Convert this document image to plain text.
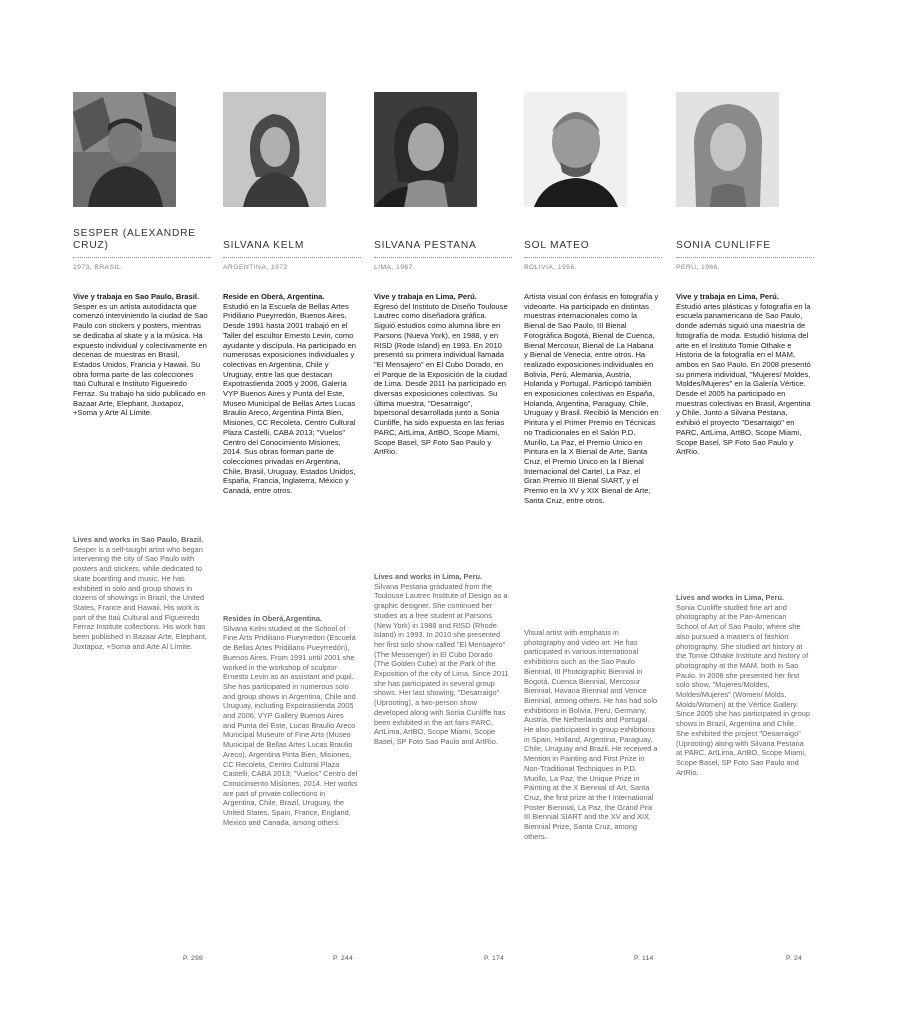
SESPER (ALEXANDRE CRUZ)
1973, BRASIL.
Vive y trabaja en Sao Paulo, Brasil.
Sesper es un artista autodidacta que comenzó interviniendo la ciudad de Sao Paulo con stickers y posters, mientras se dedicaba al skate y a la música. Ha expuesto individual y colectivamente en decenas de muestras en Brasil, Estados Unidos, Francia y Hawaii. Su obra forma parte de las colecciones Itaú Cultural e Instituto Figueiredo Ferraz. Su trabajo ha sido publicado en Bazaar Arte, Elephant, Juxtapoz, +Soma y Arte Al Límite.
Lives and works in Sao Paulo, Brazil.
Sesper is a self-taught artist who began intervening the city of Sao Paulo with posters and stickers, while dedicated to skate boarding and music. He has exhibited in solo and group shows in dozens of showings in Brazil, the United States, France and Hawaii. His work is part of the Itaú Cultural and Figueiredo Ferraz Institute collections. His work has been published in Bazaar Arte, Elephant, Juxtapoz, +Soma and Arte Al Límite.
P. 298
SILVANA KELM
ARGENTINA, 1972
Reside en Oberá, Argentina.
Estudió en la Escuela de Bellas Artes Pridiliano Pueyrredón, Buenos Aires. Desde 1991 hasta 2001 trabajó en el Taller del escultor Ernesto Levin, como ayudante y discípula. Ha participado en numerosas exposiciones individuales y colectivas en Argentina, Chile y Uruguay, entre las que destacan Expotrastienda 2005 y 2006, Galería VYP Buenos Aires y Punta del Este, Museo Municipal de Bellas Artes Lucas Braulio Areco, Argentina Pinta Bien, Misiones, CC Recoleta, Centro Cultural Plaza Castelli, CABA 2013; "Vuelos" Centro del Conocimiento Misiones, 2014. Sus obras forman parte de colecciones privadas en Argentina, Chile, Brasil, Uruguay, Estados Unidos, España, Francia, Inglaterra, México y Canadá, entre otros.
Resides in Oberá,Argentina.
Silvana Kelm studied at the School of Fine Arts Pridiliano Pueyrredon (Escuela de Bellas Artes Pridiliano Pueyrredón), Buenos Aires. From 1991 until 2001 she worked in the workshop of sculptor Ernesto Levin as an assistant and pupil. She has participated in numerous solo and group shows in Argentina, Chile and Uruguay, including Expotrastienda 2005 and 2006, VYP Gallery Buenos Aires and Punta del Este, Lucas Braulio Areco Municipal Museum of Fine Arts (Museo Municipal de Bellas Artes Lucas Braulio Areco), Argentina Pinta Bien, Misiones, CC Recoleta, Centro Cultural Plaza Castelli, CABA 2013; "Vuelos" Centro del Conocimiento Misiones, 2014. Her works are part of private collections in Argentina, Chile, Brazil, Uruguay, the United States, Spain, France, England, Mexico and Canada, among others.
P. 244
SILVANA PESTANA
LIMA, 1967.
Vive y trabaja en Lima, Perú.
Egresó del Instituto de Diseño Toulouse Lautrec como diseñadora gráfica. Siguió estudios como alumna libre en Parsons (Nueva York), en 1988, y en RISD (Rode Island) en 1993. En 2010 presentó su primera individual llamada "El Mensajero" en El Cubo Dorado, en el Parque de la Exposición de la ciudad de Lima. Desde 2011 ha participado en diversas exposiciones colectivas. Su última muestra, "Desarraigo", bipersonal desarrollada junto a Sonia Cunliffe, ha sido expuesta en las ferias PARC, ArtLima, ArtBO, Scope Miami, Scope Basel, SP Foto Sao Paulo y ArtRio.
Lives and works in Lima, Peru.
Silvana Pestana graduated from the Toulouse Lautrec Institute of Design as a graphic designer. She continued her studies as a free student at Parsons (New York) in 1988 and RISD (Rhode Island) in 1993. In 2010 she presented her first solo show called "El Mensajero" (The Messenger) in El Cubo Dorado (The Golden Cube) at the Park of the Exposition of the city of Lima. Since 2011 she has participated in several group shows. Her last showing, "Desarraigo" (Uprooting), a two-person show developed along with Sonia Cunliffe has been exhibited in the art fairs PARC, ArtLima, ArtBO, Scope Miami, Scope Basel, SP Foto Sao Paulo and ArtRio.
P. 174
SOL MATEO
BOLIVIA, 1956.
Artista visual con énfasis en fotografía y videoarte. Ha participado en distintas muestras internacionales como la Bienal de Sao Paulo, III Bienal Fotográfica Bogotá, Bienal de Cuenca, Bienal Mercosur, Bienal de La Habana y Bienal de Venecia, entre otros. Ha realizado exposiciones individuales en Bolivia, Perú, Alemania, Austria, Holanda y Portugal. Participó también en exposiciones colectivas en España, Holanda, Argentina, Paraguay, Chile, Uruguay y Brasil. Recibió la Mención en Pintura y el Primer Premio en Técnicas no Tradicionales en el Salón P.D. Murillo, La Paz, el Premio Único en Pintura en la X Bienal de Arte, Santa Cruz, el Premio Único en la I Bienal Internacional del Cartel, La Paz, el Gran Premio III Bienal SIART, y el Premio en la XV y XIX Bienal de Arte, Santa Cruz, entre otros.
Visual artist with emphasis in photography and video art. He has participated in various international exhibitions such as the Sao Paulo Biennial, III Photographic Biennial in Bogotá, Cuenca Biennial, Mercosur Biennial, Havana Biennial and Venice Biennial, among others. He has had solo exhibitions in Bolivia, Peru, Germany, Austria, the Netherlands and Portugal. He also participated in group exhibitions in Spain, Holland, Argentina, Paraguay, Chile, Uruguay and Brazil. He received a Mention in Painting and First Prize in Non-Traditional Techniques in P.D. Murillo, La Paz, the Unique Prize in Painting at the X Biennial of Art, Santa Cruz, the first prize at the I International Poster Biennial, La Paz, the Grand Prix III Biennial SIART and the XV and XIX Biennial Prize, Santa Cruz, among others.
P. 114
SONIA CUNLIFFE
PERÚ, 1966.
Vive y trabaja en Lima, Perú.
Estudió artes plásticas y fotografía en la escuela panamericana de Sao Paulo, donde además siguió una maestría de fotografía de moda. Estudió historia del arte en el Instituto Tomie Othake e Historia de la fotografía en el MAM, ambos en Sao Paulo. En 2008 presentó su primera individual, "Mujeres/ Moldes, Moldes/Mujeres" en la Galería Vértice. Desde el 2005 ha participado en muestras colectivas en Brasil, Argentina y Chile. Junto a Silvana Pestana, exhibió el proyecto "Desarraigo" en PARC, ArtLima, ArtBO, Scope Miami, Scope Basel, SP Foto Sao Paulo y ArtRio.
Lives and works in Lima, Peru.
Sonia Cunliffe studied fine art and photography at the Pan-American School of Art of Sao Paulo, where she also pursued a master's of fashion photography. She studied art history at the Tomie Othake Institute and history of photography at the MAM, both in Sao Paulo. In 2008 she presented her first solo show, "Mujeres/Moldes, Moldes/Mujeres" (Women/ Molds, Molds/Women) at the Vértice Gallery. Since 2005 she has participated in group shows in Brazil, Argentina and Chile. She exhibited the project "Desarraigo" (Uprooting) along with Silvana Pestana at PARC, ArtLima, ArtBO, Scope Miami, Scope Basel, SP Foto Sao Paulo and ArtRio.
P. 24
